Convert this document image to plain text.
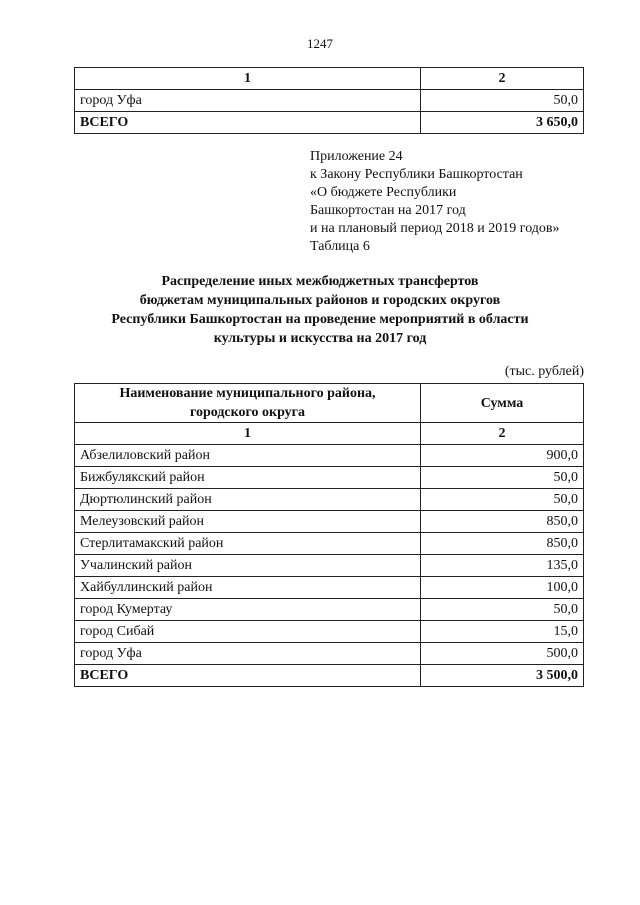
1247
1	2
город Уфа	50,0
ВСЕГО	3 650,0
Приложение 24
к Закону Республики Башкортостан
«О бюджете Республики
Башкортостан на 2017 год
и на плановый период 2018 и 2019 годов»
Таблица 6
Распределение иных межбюджетных трансфертов
бюджетам муниципальных районов и городских округов
Республики Башкортостан на проведение мероприятий в области
культуры и искусства на 2017 год
(тыс. рублей)
Наименование муниципального района,
городского округа	Сумма
1	2
Абзелиловский район	900,0
Бижбулякский район	50,0
Дюртюлинский район	50,0
Мелеузовский район	850,0
Стерлитамакский район	850,0
Учалинский район	135,0
Хайбуллинский район	100,0
город Кумертау	50,0
город Сибай	15,0
город Уфа	500,0
ВСЕГО	3 500,0
